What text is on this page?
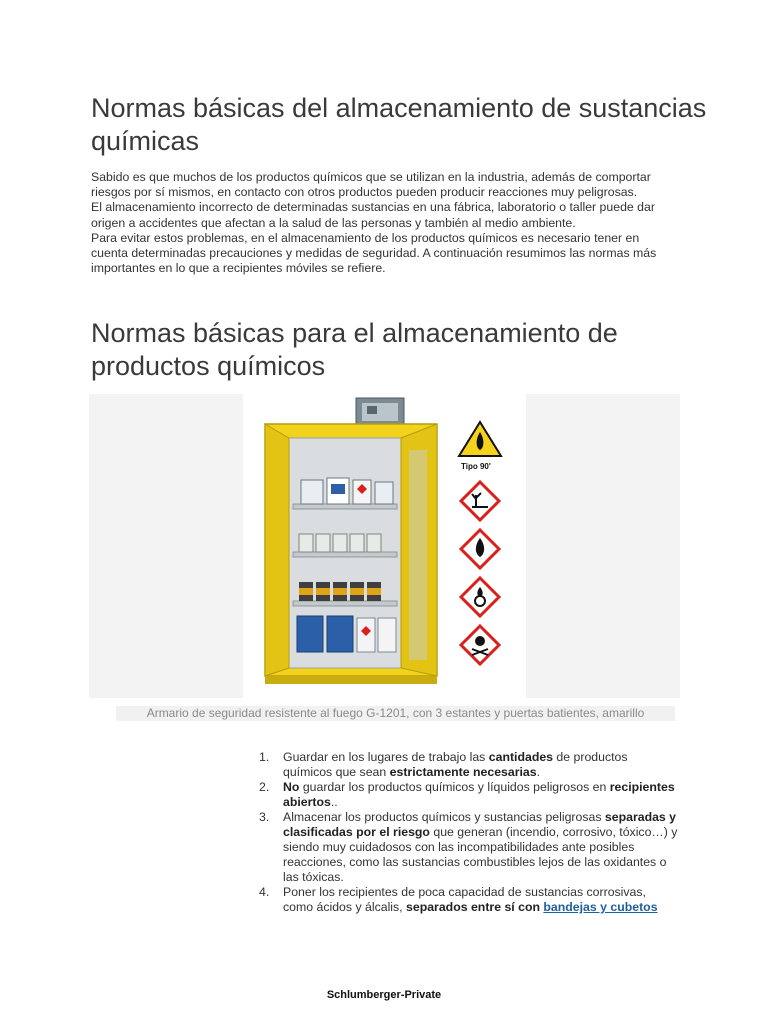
Normas básicas del almacenamiento de sustancias químicas

Sabido es que muchos de los productos químicos que se utilizan en la industria, además de comportar
riesgos por sí mismos, en contacto con otros productos pueden producir reacciones muy peligrosas.
El almacenamiento incorrecto de determinadas sustancias en una fábrica, laboratorio o taller puede dar
origen a accidentes que afectan a la salud de las personas y también al medio ambiente.
Para evitar estos problemas, en el almacenamiento de los productos químicos es necesario tener en
cuenta determinadas precauciones y medidas de seguridad. A continuación resumimos las normas más
importantes en lo que a recipientes móviles se refiere.

Normas básicas para el almacenamiento de productos químicos
Tipo 90'
Armario de seguridad resistente al fuego G-1201, con 3 estantes y puertas batientes, amarillo
1. Guardar en los lugares de trabajo las cantidades de productos químicos que sean estrictamente necesarias.
2. No guardar los productos químicos y líquidos peligrosos en recipientes abiertos..
3. Almacenar los productos químicos y sustancias peligrosas separadas y clasificadas por el riesgo que generan (incendio, corrosivo, tóxico…) y siendo muy cuidadosos con las incompatibilidades ante posibles reacciones, como las sustancias combustibles lejos de las oxidantes o las tóxicas.
4. Poner los recipientes de poca capacidad de sustancias corrosivas, como ácidos y álcalis, separados entre sí con bandejas y cubetos
Schlumberger-Private
